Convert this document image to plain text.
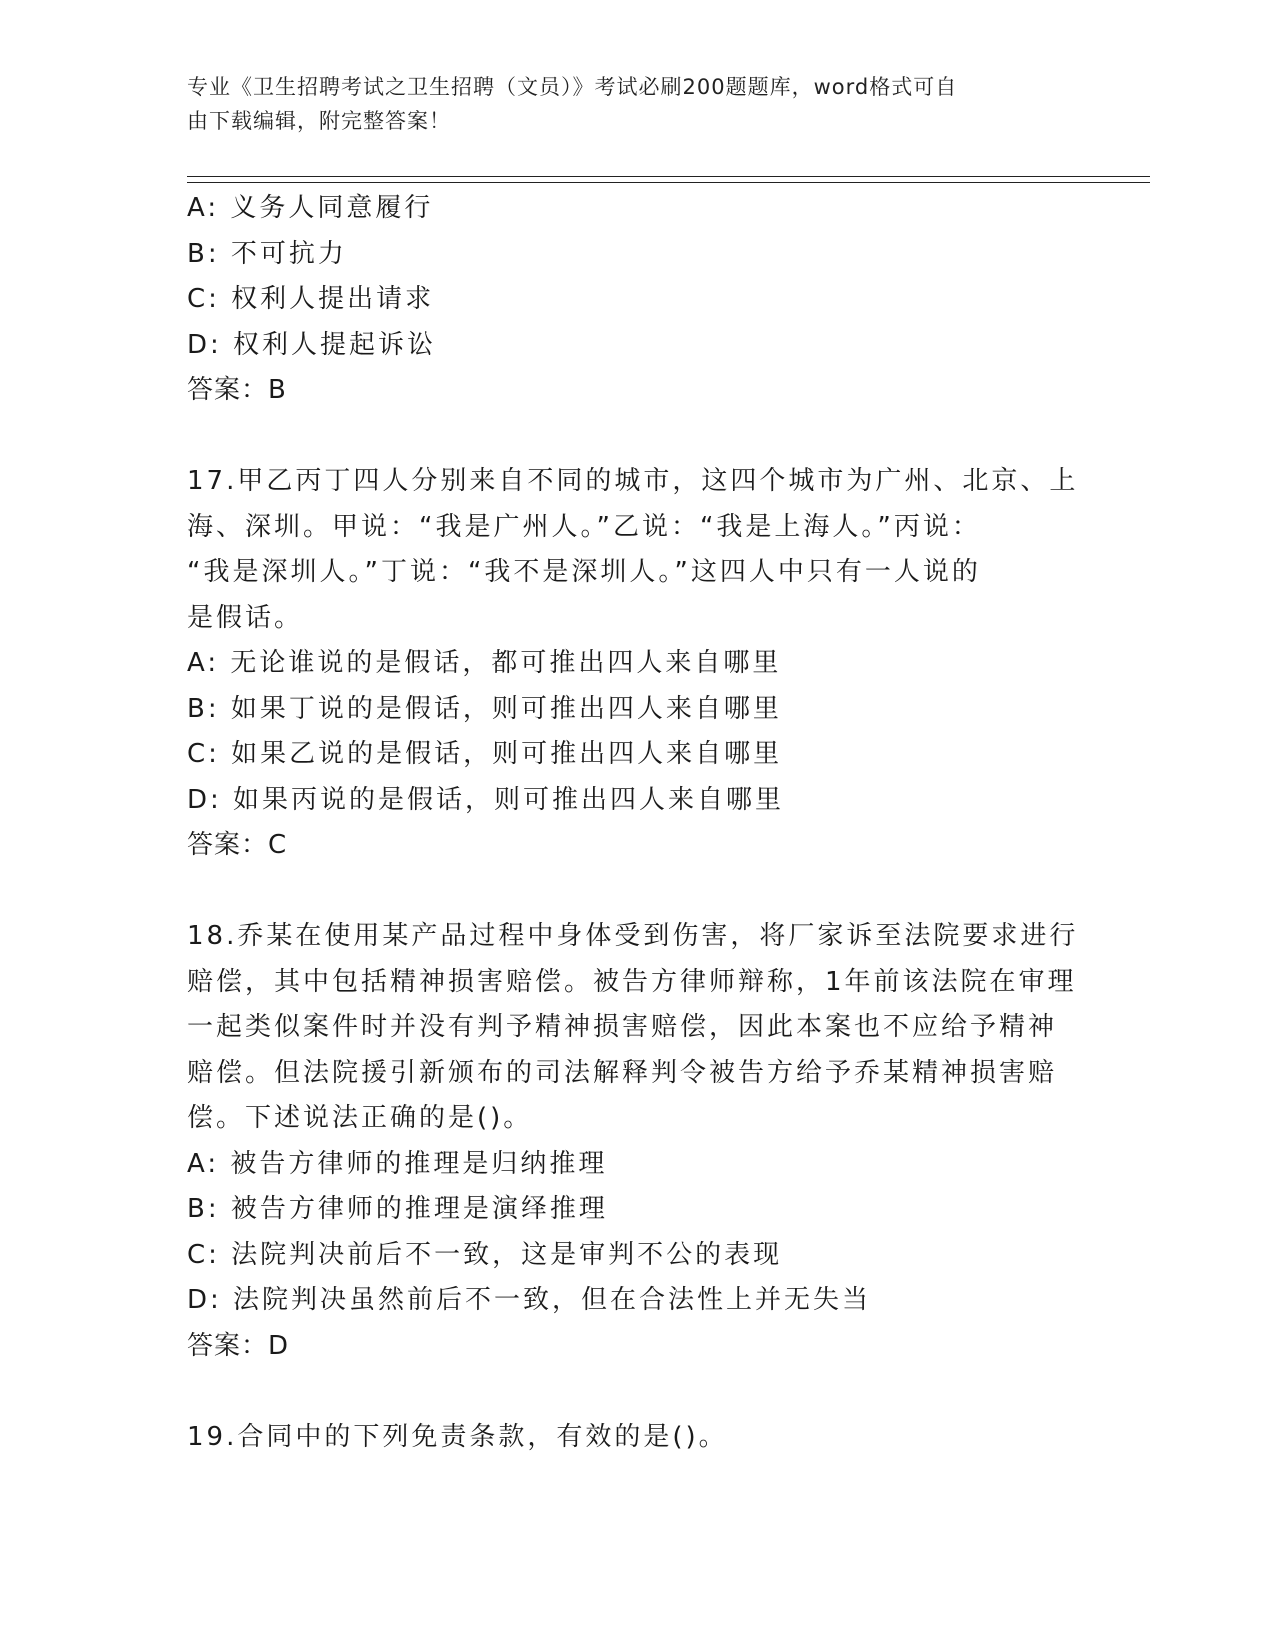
专业《卫生招聘考试之卫生招聘（文员）》考试必刷200题题库，word格式可自
由下载编辑，附完整答案！
A: 义务人同意履行
B: 不可抗力
C: 权利人提出请求
D: 权利人提起诉讼
答案：B
17.甲乙丙丁四人分别来自不同的城市，这四个城市为广州、北京、上
海、深圳。甲说：“我是广州人。”乙说：“我是上海人。”丙说：
“我是深圳人。”丁说：“我不是深圳人。”这四人中只有一人说的
是假话。
A: 无论谁说的是假话，都可推出四人来自哪里
B: 如果丁说的是假话，则可推出四人来自哪里
C: 如果乙说的是假话，则可推出四人来自哪里
D: 如果丙说的是假话，则可推出四人来自哪里
答案：C
18.乔某在使用某产品过程中身体受到伤害，将厂家诉至法院要求进行
赔偿，其中包括精神损害赔偿。被告方律师辩称，1年前该法院在审理
一起类似案件时并没有判予精神损害赔偿，因此本案也不应给予精神
赔偿。但法院援引新颁布的司法解释判令被告方给予乔某精神损害赔
偿。下述说法正确的是()。
A: 被告方律师的推理是归纳推理
B: 被告方律师的推理是演绎推理
C: 法院判决前后不一致，这是审判不公的表现
D: 法院判决虽然前后不一致，但在合法性上并无失当
答案：D
19.合同中的下列免责条款，有效的是()。
